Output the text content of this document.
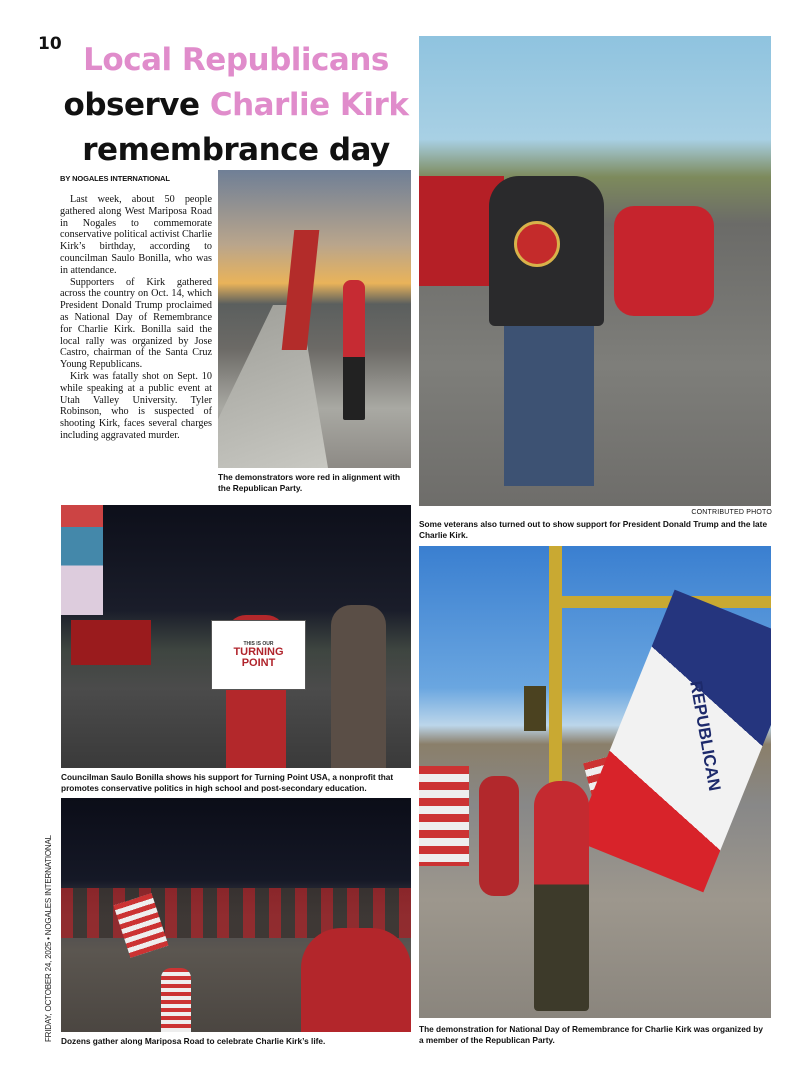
10 Local Republicans
observe Charlie Kirk
remembrance day
BY NOGALES INTERNATIONAL

Last week, about 50 people gathered along West Mariposa Road in Nogales to commemorate conservative political activist Charlie Kirk’s birthday, according to councilman Saulo Bonilla, who was in attendance.

Supporters of Kirk gathered across the country on Oct. 14, which President Donald Trump proclaimed as National Day of Remembrance for Charlie Kirk. Bonilla said the local rally was organized by Jose Castro, chairman of the Santa Cruz Young Republicans.

Kirk was fatally shot on Sept. 10 while speaking at a public event at Utah Valley University. Tyler Robinson, who is suspected of shooting Kirk, faces several charges including aggravated murder.

The demonstrators wore red in alignment with the Republican Party.
CONTRIBUTED PHOTO
Some veterans also turned out to show support for President Donald Trump and the late Charlie Kirk.
THIS IS OUR
TURNING POINT
Councilman Saulo Bonilla shows his support for Turning Point USA, a nonprofit that promotes conservative politics in high school and post-secondary education.
Dozens gather along Mariposa Road to celebrate Charlie Kirk’s life.
REPUBLICAN
The demonstration for National Day of Remembrance for Charlie Kirk was organized by a member of the Republican Party.
FRIDAY, OCTOBER 24, 2025 • NOGALES INTERNATIONAL
